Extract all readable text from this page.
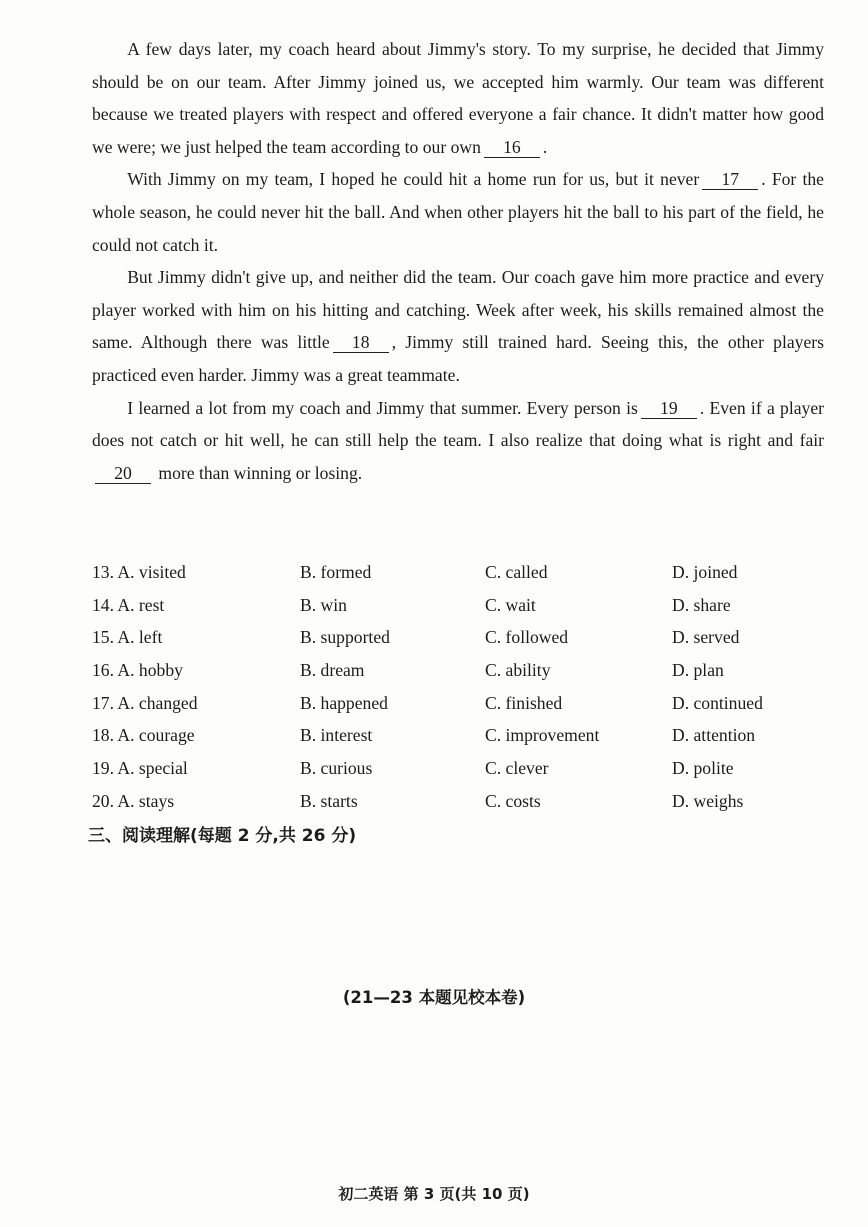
A few days later, my coach heard about Jimmy's story. To my surprise, he decided that Jimmy should be on our team. After Jimmy joined us, we accepted him warmly. Our team was different because we treated players with respect and offered everyone a fair chance. It didn't matter how good we were; we just helped the team according to our own 16 .

With Jimmy on my team, I hoped he could hit a home run for us, but it never 17 . For the whole season, he could never hit the ball. And when other players hit the ball to his part of the field, he could not catch it.

But Jimmy didn't give up, and neither did the team. Our coach gave him more practice and every player worked with him on his hitting and catching. Week after week, his skills remained almost the same. Although there was little 18 , Jimmy still trained hard. Seeing this, the other players practiced even harder. Jimmy was a great teammate.

I learned a lot from my coach and Jimmy that summer. Every person is 19 . Even if a player does not catch or hit well, he can still help the team. I also realize that doing what is right and fair20 more than winning or losing.

13. A. visited	B. formed	C. called	D. joined
14. A. rest	B. win	C. wait	D. share
15. A. left	B. supported	C. followed	D. served
16. A. hobby	B. dream	C. ability	D. plan
17. A. changed	B. happened	C. finished	D. continued
18. A. courage	B. interest	C. improvement	D. attention
19. A. special	B. curious	C. clever	D. polite
20. A. stays	B. starts	C. costs	D. weighs
三、阅读理解(每题 2 分,共 26 分)
(21—23 本题见校本卷)
初二英语 第 3 页(共 10 页)
